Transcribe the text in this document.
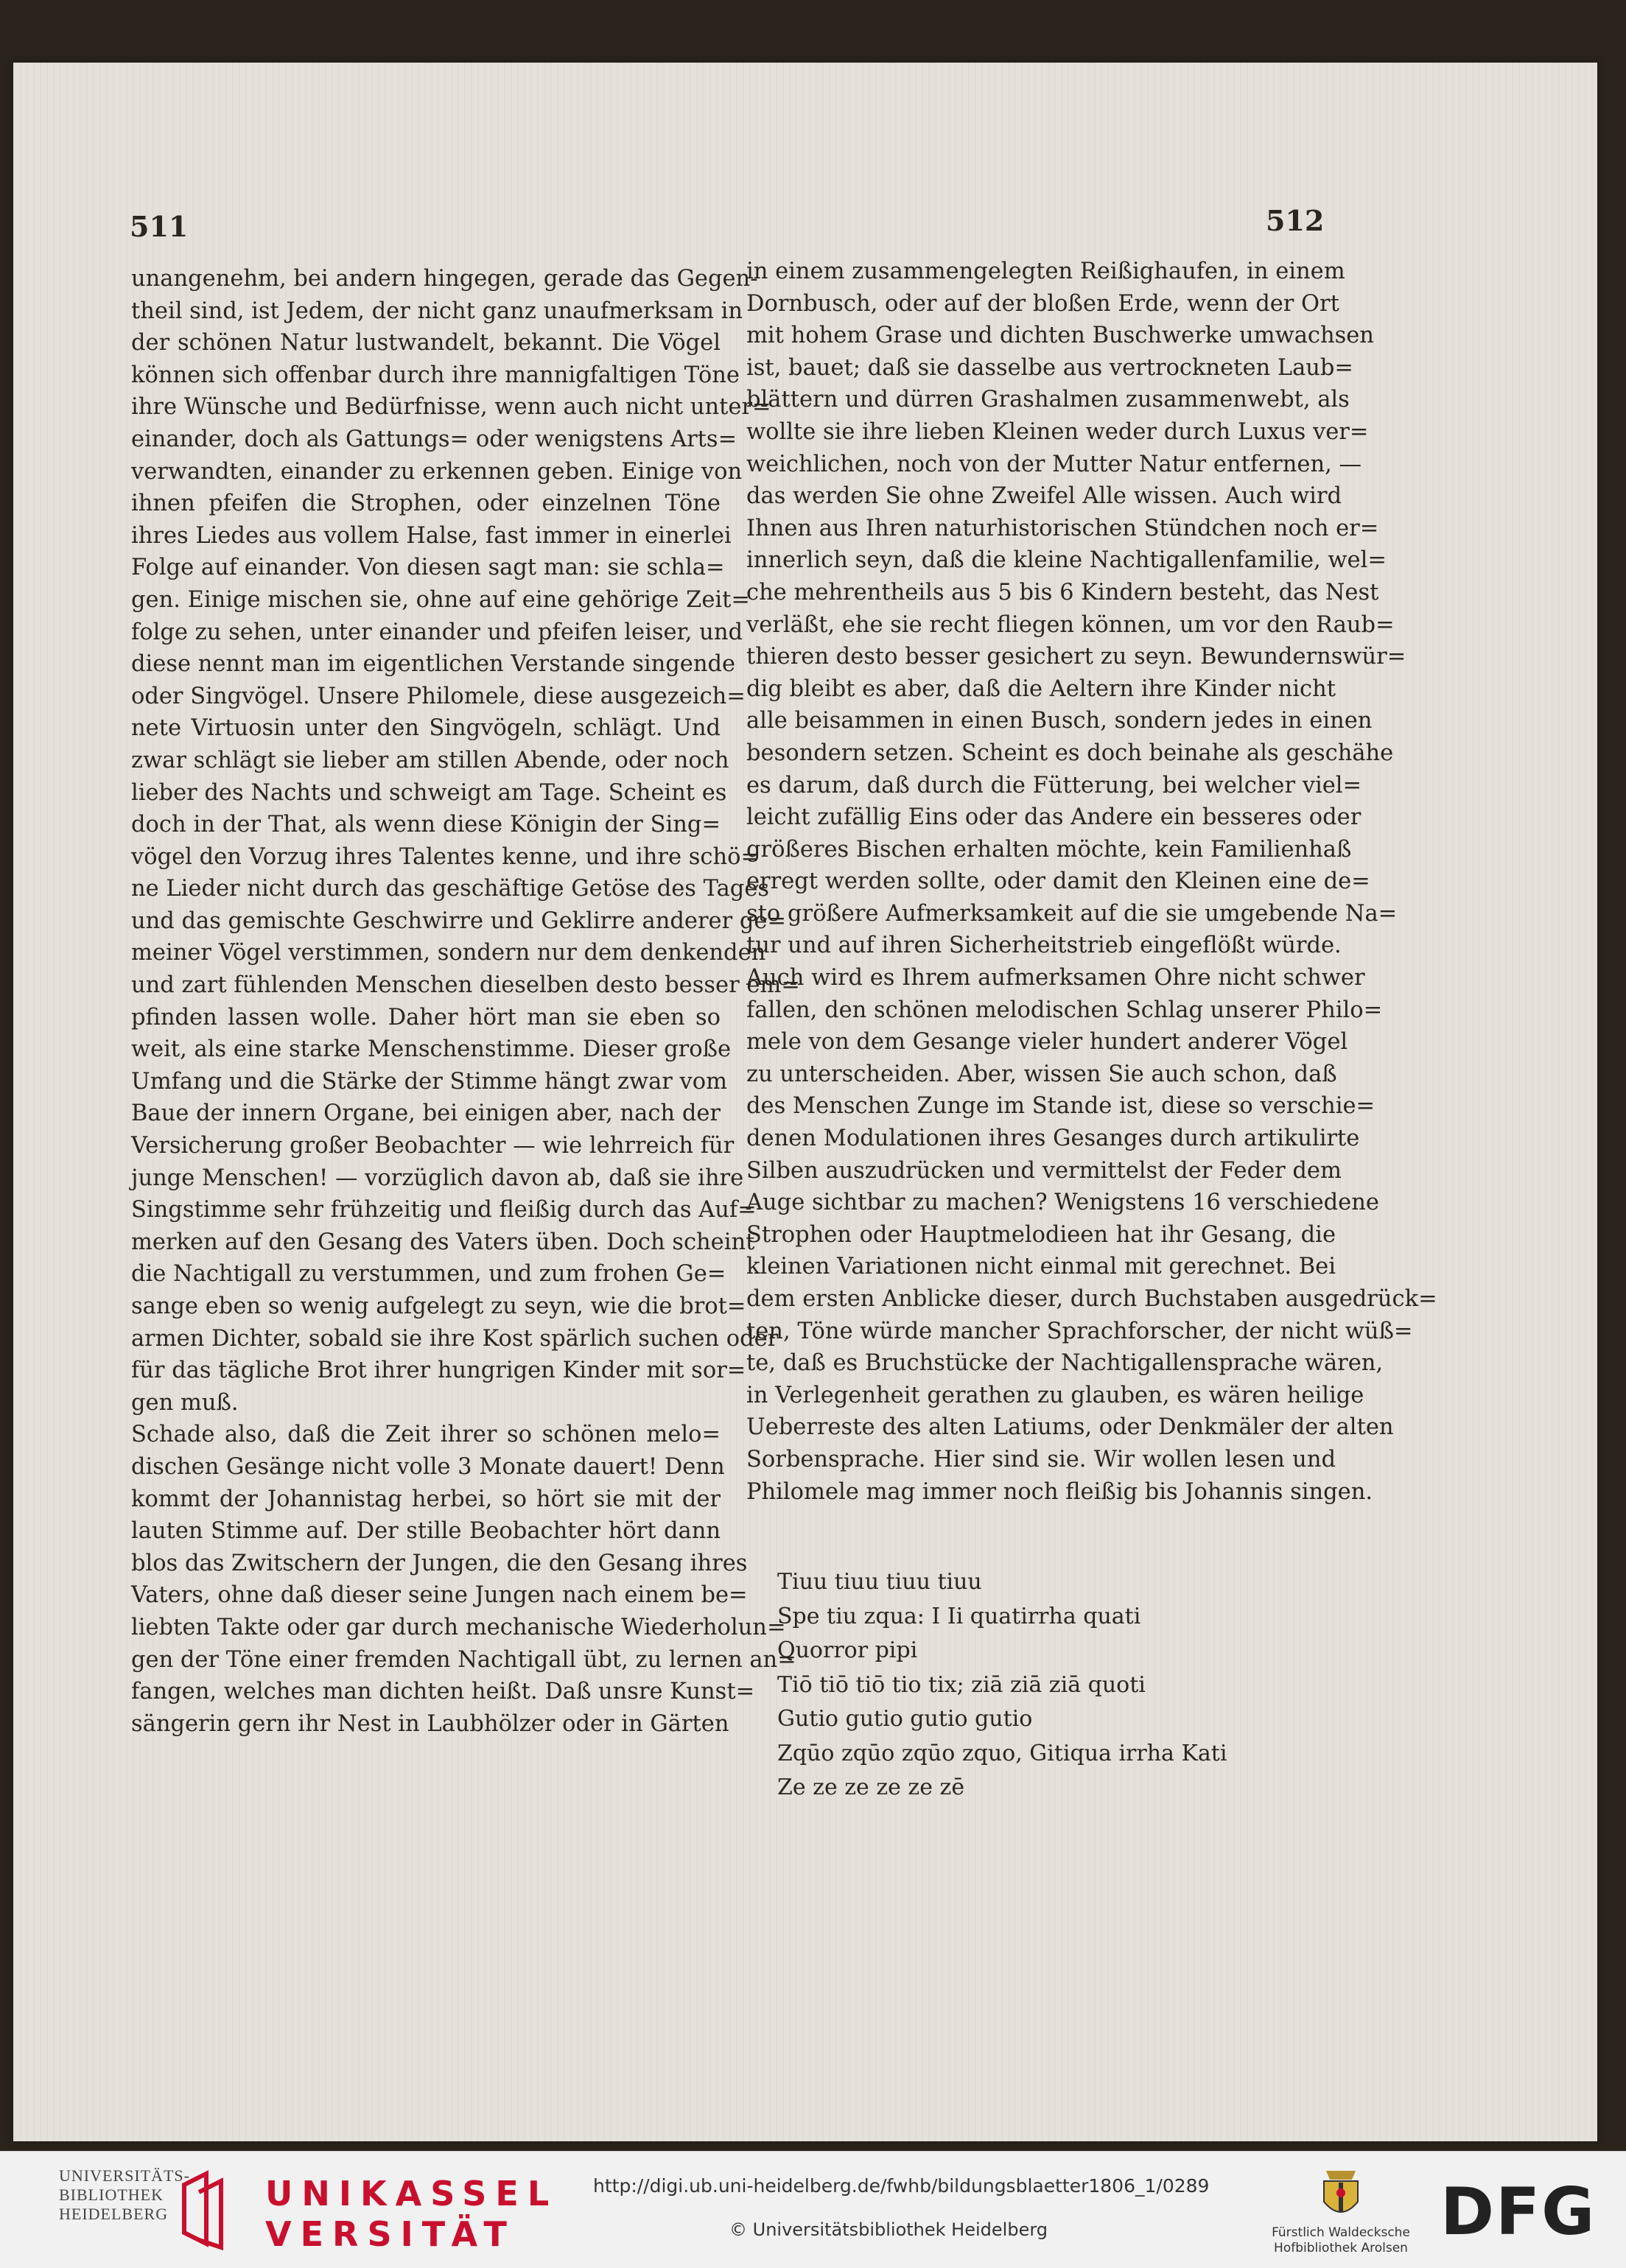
511	512
unangenehm, bei andern hingegen, gerade das Gegen-
theil sind, ist Jedem, der nicht ganz unaufmerksam in
der schönen Natur lustwandelt, bekannt. Die Vögel
können sich offenbar durch ihre mannigfaltigen Töne
ihre Wünsche und Bedürfnisse, wenn auch nicht unter=
einander, doch als Gattungs= oder wenigstens Arts=
verwandten, einander zu erkennen geben. Einige von
ihnen pfeifen die Strophen, oder einzelnen Töne
ihres Liedes aus vollem Halse, fast immer in einerlei
Folge auf einander. Von diesen sagt man: sie schla=
gen. Einige mischen sie, ohne auf eine gehörige Zeit=
folge zu sehen, unter einander und pfeifen leiser, und
diese nennt man im eigentlichen Verstande singende
oder Singvögel. Unsere Philomele, diese ausgezeich=
nete Virtuosin unter den Singvögeln, schlägt. Und
zwar schlägt sie lieber am stillen Abende, oder noch
lieber des Nachts und schweigt am Tage. Scheint es
doch in der That, als wenn diese Königin der Sing=
vögel den Vorzug ihres Talentes kenne, und ihre schö=
ne Lieder nicht durch das geschäftige Getöse des Tages
und das gemischte Geschwirre und Geklirre anderer ge=
meiner Vögel verstimmen, sondern nur dem denkenden
und zart fühlenden Menschen dieselben desto besser em=
pfinden lassen wolle. Daher hört man sie eben so
weit, als eine starke Menschenstimme. Dieser große
Umfang und die Stärke der Stimme hängt zwar vom
Baue der innern Organe, bei einigen aber, nach der
Versicherung großer Beobachter — wie lehrreich für
junge Menschen! — vorzüglich davon ab, daß sie ihre
Singstimme sehr frühzeitig und fleißig durch das Auf=
merken auf den Gesang des Vaters üben. Doch scheint
die Nachtigall zu verstummen, und zum frohen Ge=
sange eben so wenig aufgelegt zu seyn, wie die brot=
armen Dichter, sobald sie ihre Kost spärlich suchen oder
für das tägliche Brot ihrer hungrigen Kinder mit sor=
gen muß.
Schade also, daß die Zeit ihrer so schönen melo=
dischen Gesänge nicht volle 3 Monate dauert! Denn
kommt der Johannistag herbei, so hört sie mit der
lauten Stimme auf. Der stille Beobachter hört dann
blos das Zwitschern der Jungen, die den Gesang ihres
Vaters, ohne daß dieser seine Jungen nach einem be=
liebten Takte oder gar durch mechanische Wiederholun=
gen der Töne einer fremden Nachtigall übt, zu lernen an=
fangen, welches man dichten heißt. Daß unsre Kunst=
sängerin gern ihr Nest in Laubhölzer oder in Gärten
in einem zusammengelegten Reißighaufen, in einem
Dornbusch, oder auf der bloßen Erde, wenn der Ort
mit hohem Grase und dichten Buschwerke umwachsen
ist, bauet; daß sie dasselbe aus vertrockneten Laub=
blättern und dürren Grashalmen zusammenwebt, als
wollte sie ihre lieben Kleinen weder durch Luxus ver=
weichlichen, noch von der Mutter Natur entfernen, —
das werden Sie ohne Zweifel Alle wissen. Auch wird
Ihnen aus Ihren naturhistorischen Stündchen noch er=
innerlich seyn, daß die kleine Nachtigallenfamilie, wel=
che mehrentheils aus 5 bis 6 Kindern besteht, das Nest
verläßt, ehe sie recht fliegen können, um vor den Raub=
thieren desto besser gesichert zu seyn. Bewundernswür=
dig bleibt es aber, daß die Aeltern ihre Kinder nicht
alle beisammen in einen Busch, sondern jedes in einen
besondern setzen. Scheint es doch beinahe als geschähe
es darum, daß durch die Fütterung, bei welcher viel=
leicht zufällig Eins oder das Andere ein besseres oder
größeres Bischen erhalten möchte, kein Familienhaß
erregt werden sollte, oder damit den Kleinen eine de=
sto größere Aufmerksamkeit auf die sie umgebende Na=
tur und auf ihren Sicherheitstrieb eingeflößt würde.
Auch wird es Ihrem aufmerksamen Ohre nicht schwer
fallen, den schönen melodischen Schlag unserer Philo=
mele von dem Gesange vieler hundert anderer Vögel
zu unterscheiden. Aber, wissen Sie auch schon, daß
des Menschen Zunge im Stande ist, diese so verschie=
denen Modulationen ihres Gesanges durch artikulirte
Silben auszudrücken und vermittelst der Feder dem
Auge sichtbar zu machen? Wenigstens 16 verschiedene
Strophen oder Hauptmelodieen hat ihr Gesang, die
kleinen Variationen nicht einmal mit gerechnet. Bei
dem ersten Anblicke dieser, durch Buchstaben ausgedrück=
ten, Töne würde mancher Sprachforscher, der nicht wüß=
te, daß es Bruchstücke der Nachtigallensprache wären,
in Verlegenheit gerathen zu glauben, es wären heilige
Ueberreste des alten Latiums, oder Denkmäler der alten
Sorbensprache. Hier sind sie. Wir wollen lesen und
Philomele mag immer noch fleißig bis Johannis singen.
Tiuu tiuu tiuu tiuu
Spe tiu zqua: I Ii quatirrha quati
Quorror pipi
Tiō tiō tiō tio tix; ziā ziā ziā quoti
Gutio gutio gutio gutio
Zqūo zqūo zqūo zquo, Gitiqua irrha Kati
Ze ze ze ze ze zē
UNIVERSITÄTS-
BIBLIOTHEK
HEIDELBERG
UNIKASSEL
VERSITÄT
http://digi.ub.uni-heidelberg.de/fwhb/bildungsblaetter1806_1/0289
© Universitätsbibliothek Heidelberg	Fürstlich Waldecksche
Hofbibliothek Arolsen DFG
